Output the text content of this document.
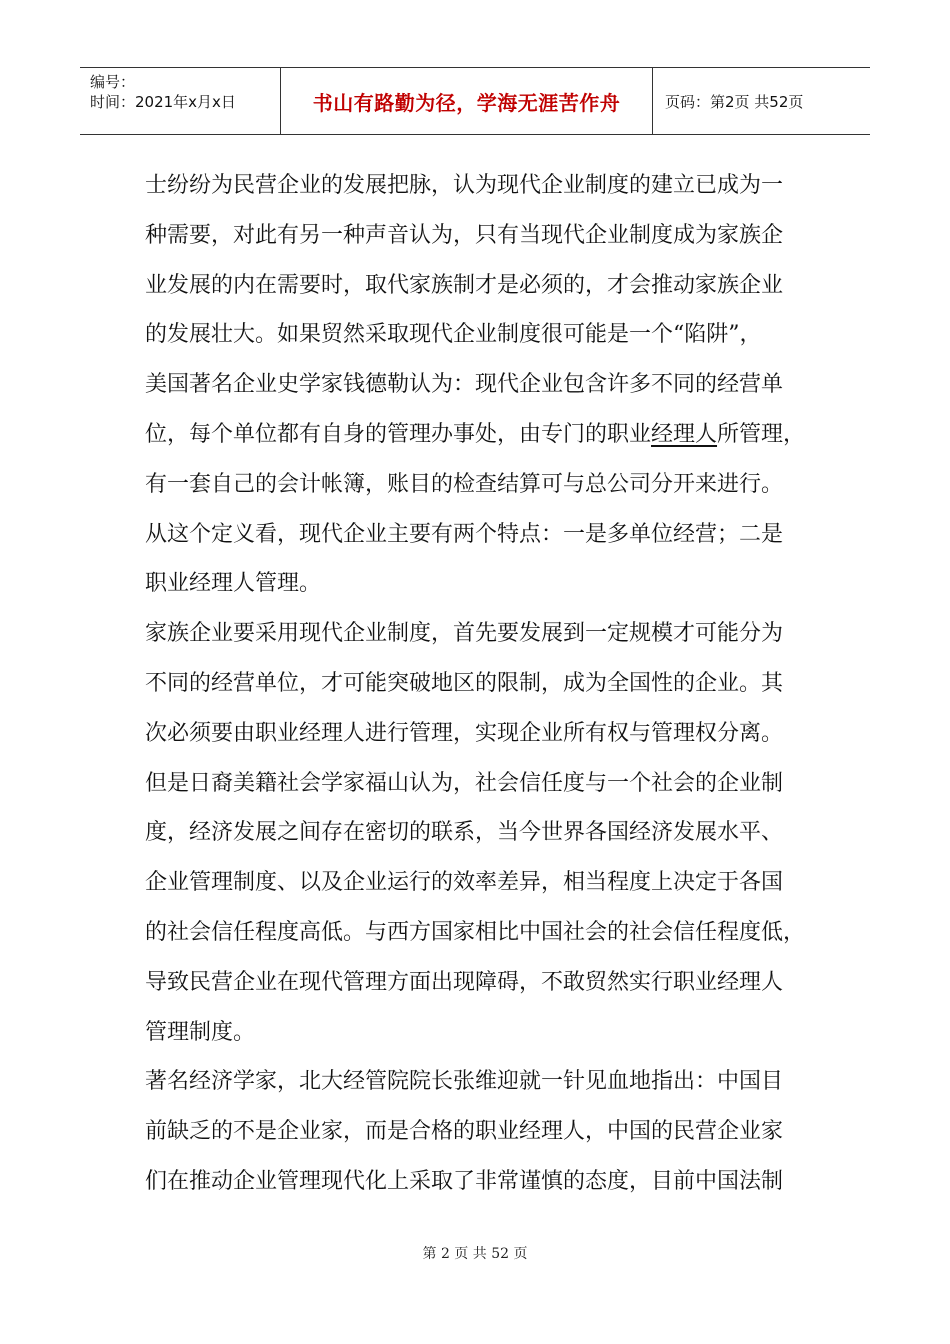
编号：
时间：2021年x月x日	书山有路勤为径，学海无涯苦作舟	页码：第2页 共52页
士纷纷为民营企业的发展把脉，认为现代企业制度的建立已成为一
种需要，对此有另一种声音认为，只有当现代企业制度成为家族企
业发展的内在需要时，取代家族制才是必须的，才会推动家族企业
的发展壮大。如果贸然采取现代企业制度很可能是一个“陷阱”，
美国著名企业史学家钱德勒认为：现代企业包含许多不同的经营单
位，每个单位都有自身的管理办事处，由专门的职业经理人所管理，
有一套自己的会计帐簿，账目的检查结算可与总公司分开来进行。
从这个定义看，现代企业主要有两个特点：一是多单位经营；二是
职业经理人管理。
家族企业要采用现代企业制度，首先要发展到一定规模才可能分为
不同的经营单位，才可能突破地区的限制，成为全国性的企业。其
次必须要由职业经理人进行管理，实现企业所有权与管理权分离。
但是日裔美籍社会学家福山认为，社会信任度与一个社会的企业制
度，经济发展之间存在密切的联系，当今世界各国经济发展水平、
企业管理制度、以及企业运行的效率差异，相当程度上决定于各国
的社会信任程度高低。与西方国家相比中国社会的社会信任程度低，
导致民营企业在现代管理方面出现障碍，不敢贸然实行职业经理人
管理制度。
著名经济学家，北大经管院院长张维迎就一针见血地指出：中国目
前缺乏的不是企业家，而是合格的职业经理人，中国的民营企业家
们在推动企业管理现代化上采取了非常谨慎的态度，目前中国法制
第 2 页 共 52 页
